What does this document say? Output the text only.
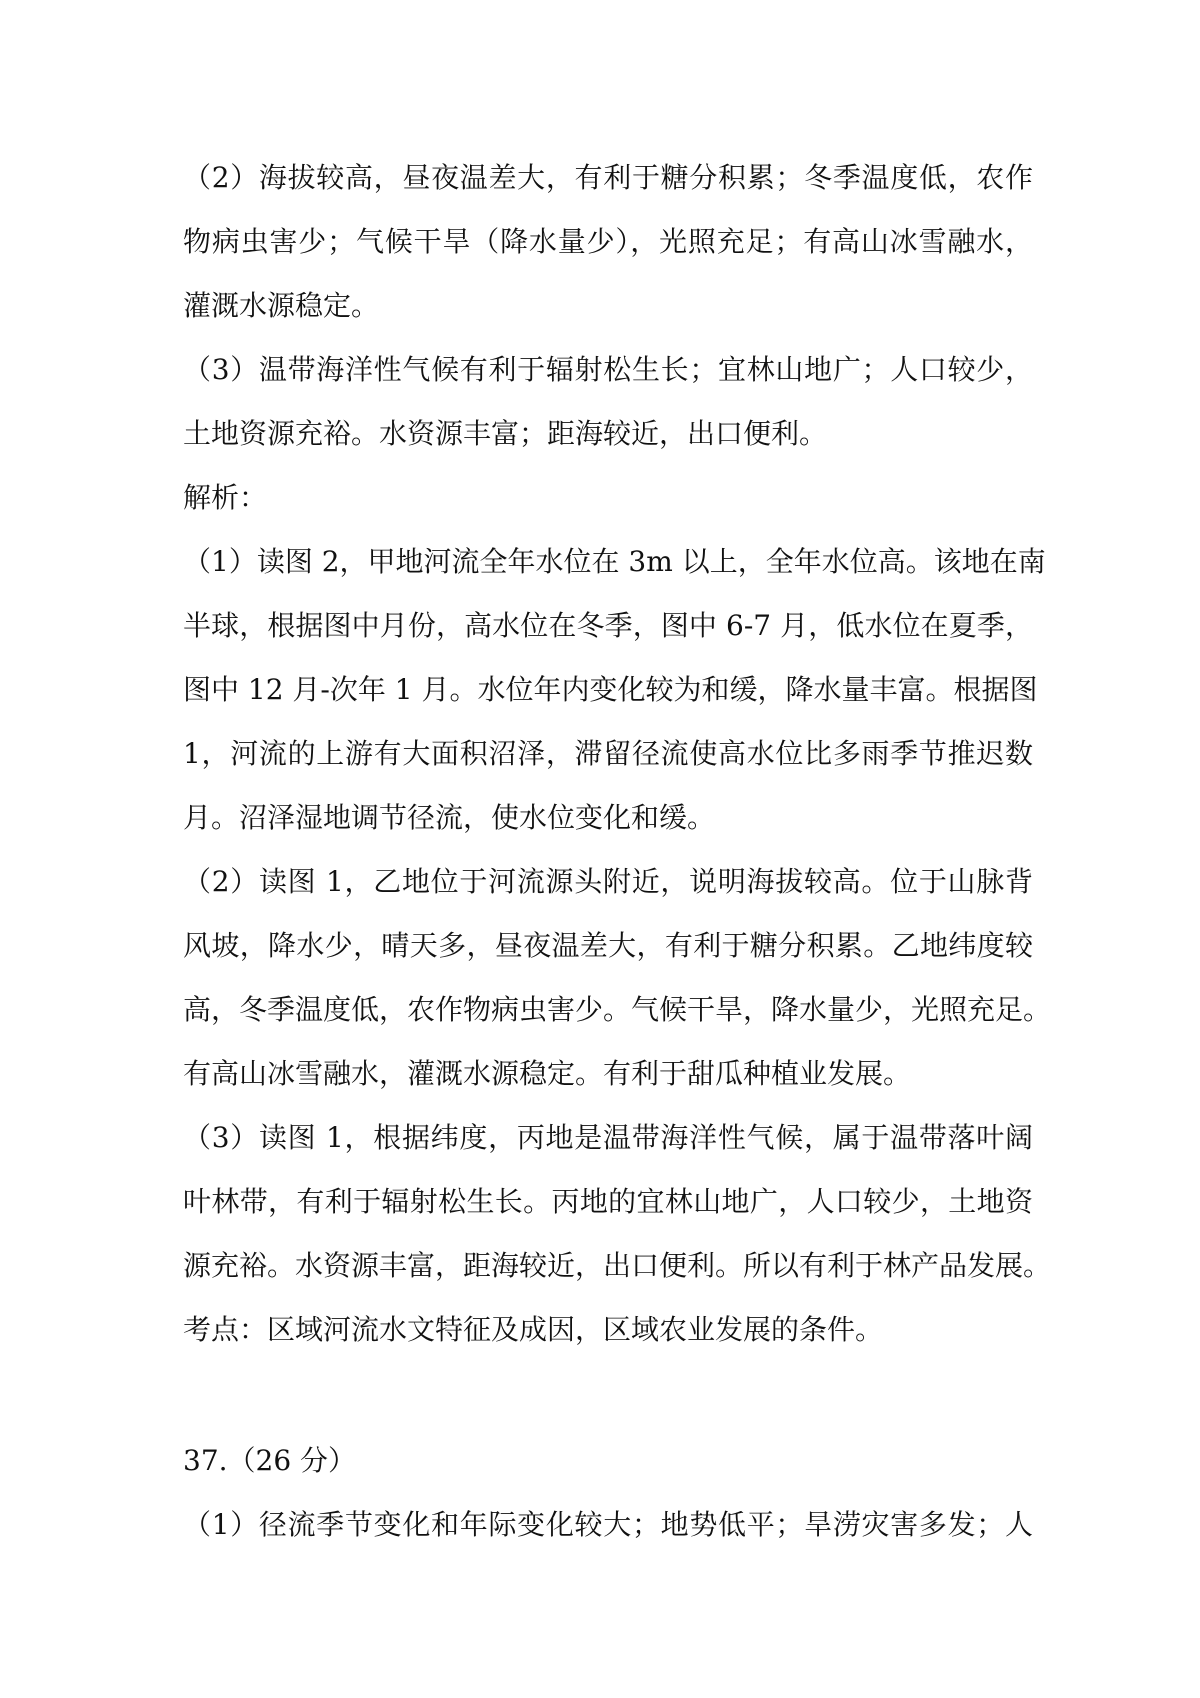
（2）海拔较高，昼夜温差大，有利于糖分积累；冬季温度低，农作

物病虫害少；气候干旱（降水量少），光照充足；有高山冰雪融水，

灌溉水源稳定。

（3）温带海洋性气候有利于辐射松生长；宜林山地广；人口较少，

土地资源充裕。水资源丰富；距海较近，出口便利。

解析：

（1）读图 2，甲地河流全年水位在 3m 以上，全年水位高。该地在南

半球，根据图中月份，高水位在冬季，图中 6-7 月，低水位在夏季，

图中 12 月-次年 1 月。水位年内变化较为和缓，降水量丰富。根据图

1，河流的上游有大面积沼泽，滞留径流使高水位比多雨季节推迟数

月。沼泽湿地调节径流，使水位变化和缓。

（2）读图 1，乙地位于河流源头附近，说明海拔较高。位于山脉背

风坡，降水少，晴天多，昼夜温差大，有利于糖分积累。乙地纬度较

高，冬季温度低，农作物病虫害少。气候干旱，降水量少，光照充足。

有高山冰雪融水，灌溉水源稳定。有利于甜瓜种植业发展。

（3）读图 1，根据纬度，丙地是温带海洋性气候，属于温带落叶阔

叶林带，有利于辐射松生长。丙地的宜林山地广，人口较少，土地资

源充裕。水资源丰富，距海较近，出口便利。所以有利于林产品发展。

考点：区域河流水文特征及成因，区域农业发展的条件。

37.（26 分）

（1）径流季节变化和年际变化较大；地势低平；旱涝灾害多发；人
